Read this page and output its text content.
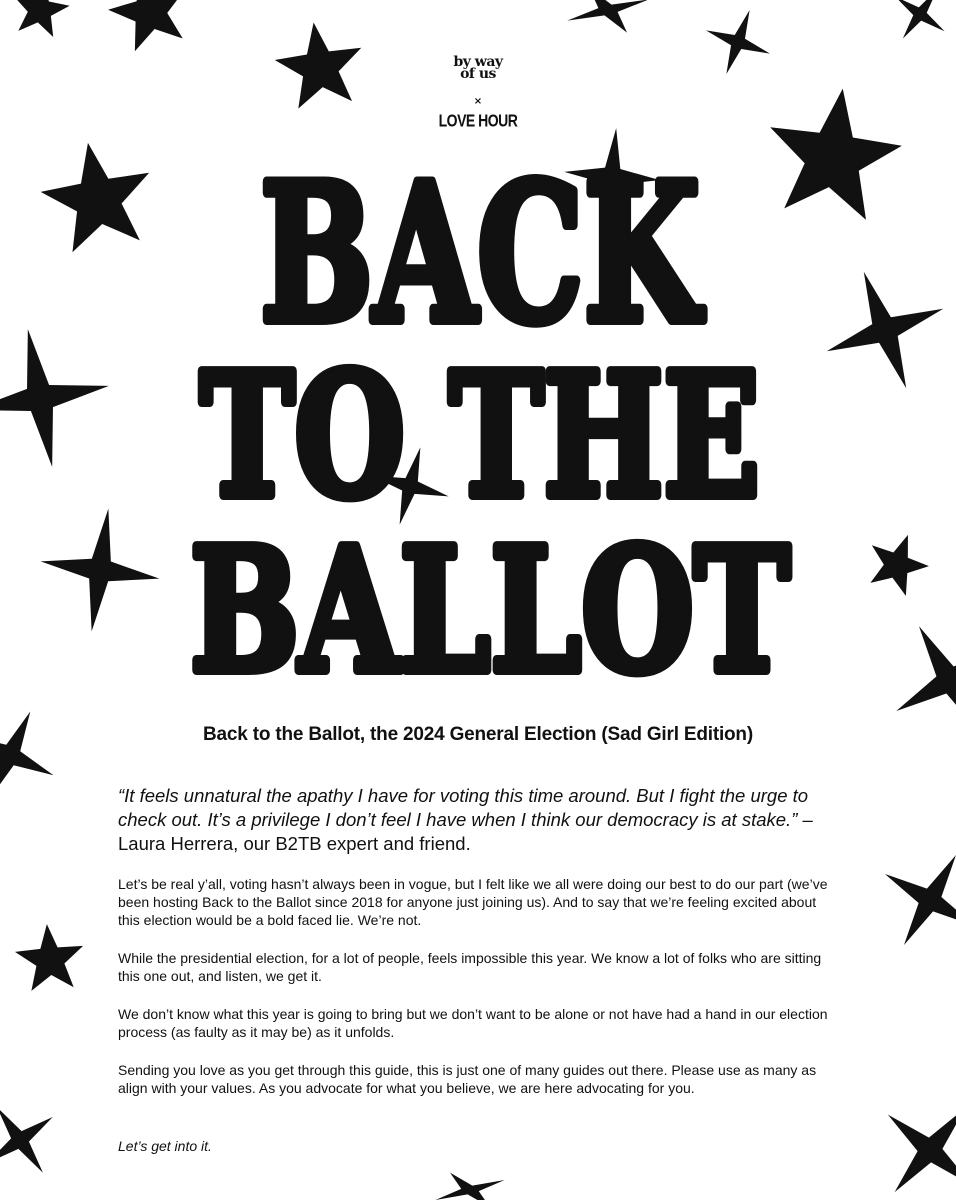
by way
of us
×
LOVE HOUR
BACK
TO THE
BALLOT
Back to the Ballot, the 2024 General Election (Sad Girl Edition)
“It feels unnatural the apathy I have for voting this time around. But I fight the urge to check out. It’s a privilege I don’t feel I have when I think our democracy is at stake.” – Laura Herrera, our B2TB expert and friend.

Let’s be real y’all, voting hasn’t always been in vogue, but I felt like we all were doing our best to do our part (we’ve been hosting Back to the Ballot since 2018 for anyone just joining us). And to say that we’re feeling excited about this election would be a bold faced lie. We’re not.

While the presidential election, for a lot of people, feels impossible this year. We know a lot of folks who are sitting this one out, and listen, we get it.

We don’t know what this year is going to bring but we don’t want to be alone or not have had a hand in our election process (as faulty as it may be) as it unfolds.

Sending you love as you get through this guide, this is just one of many guides out there. Please use as many as align with your values. As you advocate for what you believe, we are here advocating for you.

Let’s get into it.
